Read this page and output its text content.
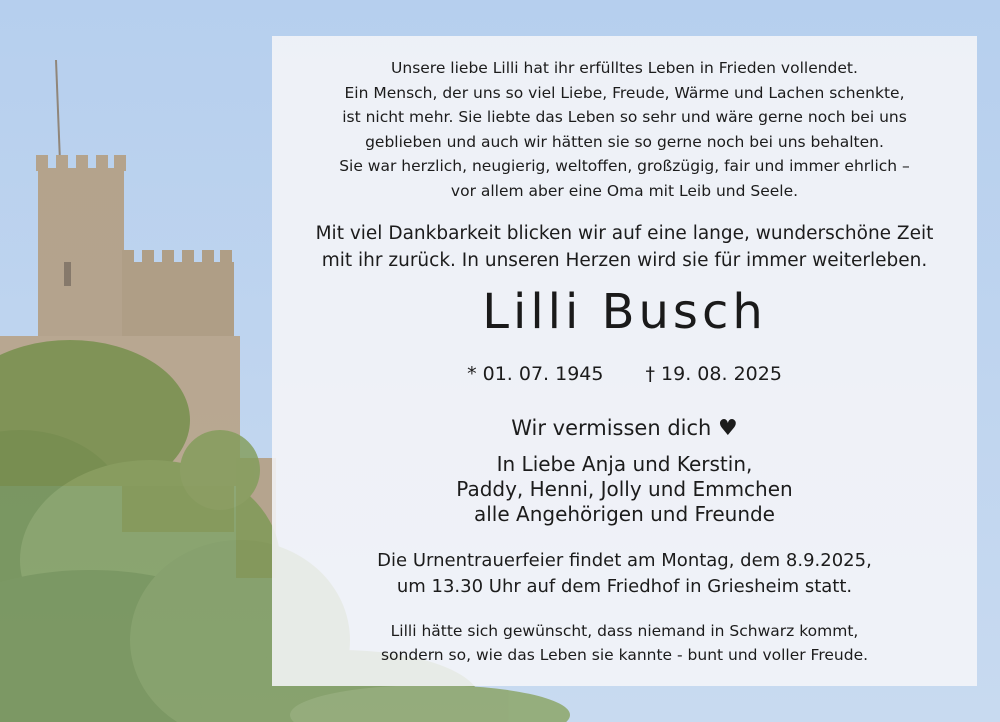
Unsere liebe Lilli hat ihr erfülltes Leben in Frieden vollendet.
Ein Mensch, der uns so viel Liebe, Freude, Wärme und Lachen schenkte,
ist nicht mehr. Sie liebte das Leben so sehr und wäre gerne noch bei uns
geblieben und auch wir hätten sie so gerne noch bei uns behalten.
Sie war herzlich, neugierig, weltoffen, großzügig, fair und immer ehrlich –
vor allem aber eine Oma mit Leib und Seele.

Mit viel Dankbarkeit blicken wir auf eine lange, wunderschöne Zeit
mit ihr zurück. In unseren Herzen wird sie für immer weiterleben.

Lilli Busch

* 01. 07. 1945 † 19. 08. 2025

Wir vermissen dich ♥

In Liebe Anja und Kerstin,
Paddy, Henni, Jolly und Emmchen
alle Angehörigen und Freunde

Die Urnentrauerfeier findet am Montag, dem 8.9.2025,
um 13.30 Uhr auf dem Friedhof in Griesheim statt.

Lilli hätte sich gewünscht, dass niemand in Schwarz kommt,
sondern so, wie das Leben sie kannte - bunt und voller Freude.
